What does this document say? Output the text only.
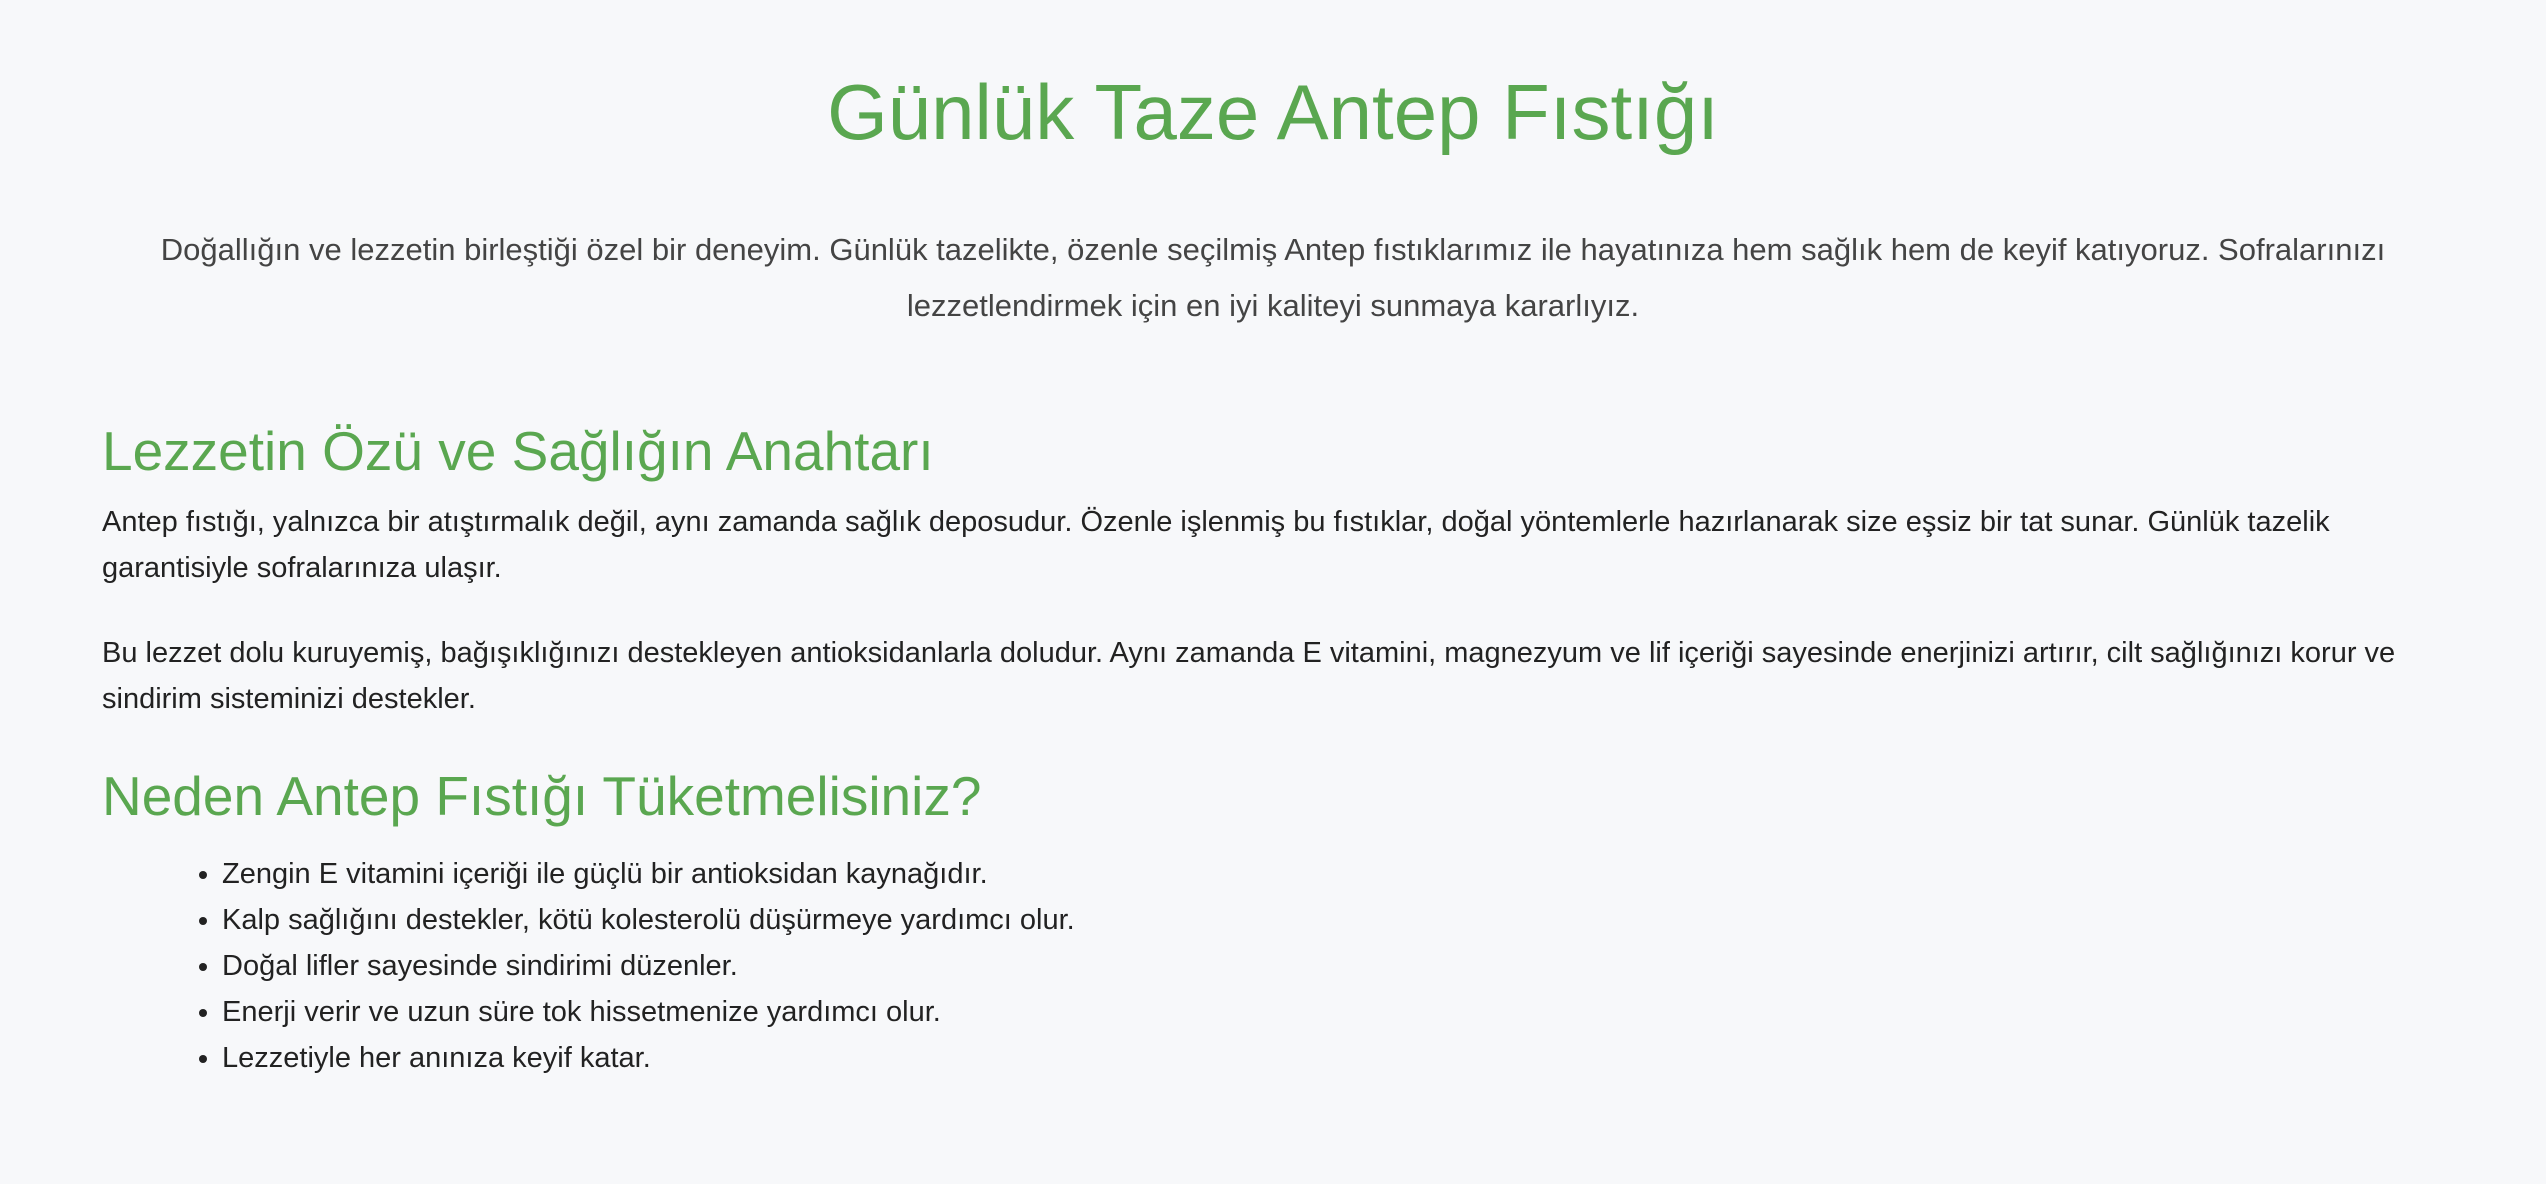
Günlük Taze Antep Fıstığı

Doğallığın ve lezzetin birleştiği özel bir deneyim. Günlük tazelikte, özenle seçilmiş Antep fıstıklarımız ile hayatınıza hem sağlık hem de keyif katıyoruz. Sofralarınızı lezzetlendirmek için en iyi kaliteyi sunmaya kararlıyız.

Lezzetin Özü ve Sağlığın Anahtarı

Antep fıstığı, yalnızca bir atıştırmalık değil, aynı zamanda sağlık deposudur. Özenle işlenmiş bu fıstıklar, doğal yöntemlerle hazırlanarak size eşsiz bir tat sunar. Günlük tazelik garantisiyle sofralarınıza ulaşır.

Bu lezzet dolu kuruyemiş, bağışıklığınızı destekleyen antioksidanlarla doludur. Aynı zamanda E vitamini, magnezyum ve lif içeriği sayesinde enerjinizi artırır, cilt sağlığınızı korur ve sindirim sisteminizi destekler.

Neden Antep Fıstığı Tüketmelisiniz?
• Zengin E vitamini içeriği ile güçlü bir antioksidan kaynağıdır.
• Kalp sağlığını destekler, kötü kolesterolü düşürmeye yardımcı olur.
• Doğal lifler sayesinde sindirimi düzenler.
• Enerji verir ve uzun süre tok hissetmenize yardımcı olur.
• Lezzetiyle her anınıza keyif katar.
